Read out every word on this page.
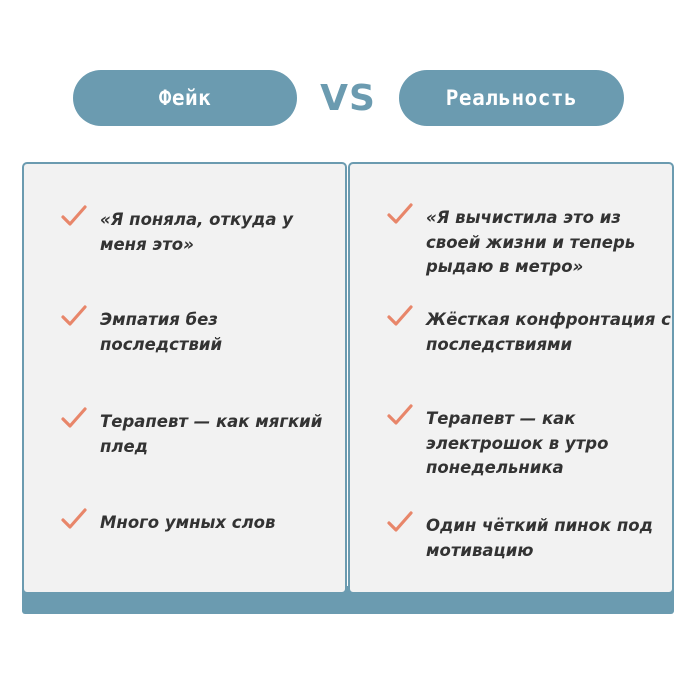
Фейк	VS	Реальность
«Я поняла, откуда у меня это»
Эмпатия без последствий
Терапевт — как мягкий плед
Много умных слов
«Я вычистила это из своей жизни и теперь рыдаю в метро»
Жёсткая конфронтация с последствиями
Терапевт — как электрошок в утро понедельника
Один чёткий пинок под мотивацию
